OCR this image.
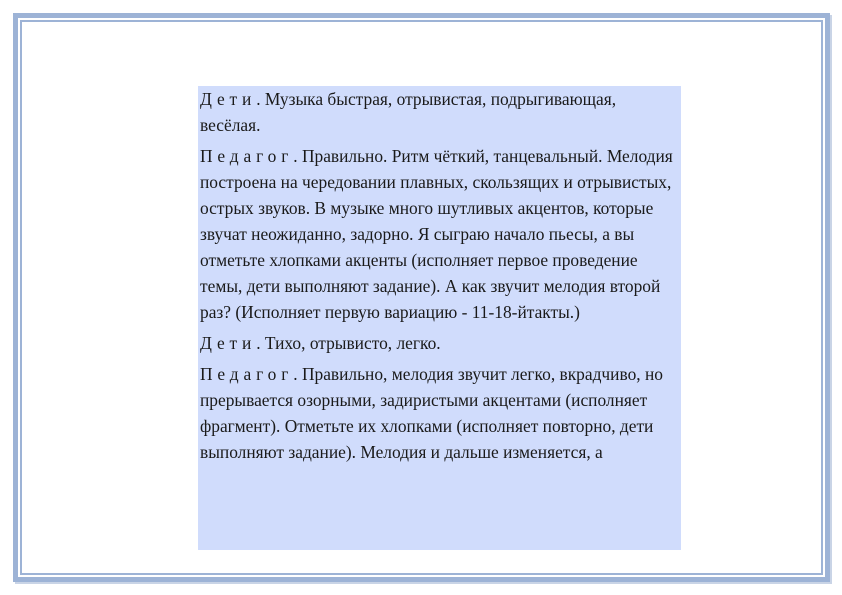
Дети. Музыка быстрая, отрывистая, подрыгивающая, весёлая.

Педагог. Правильно. Ритм чёткий, танцевальный. Мелодия построена на чередовании плавных, скользящих и отрывистых, острых звуков. В музыке много шутливых акцентов, которые звучат неожиданно, задорно. Я сыграю начало пьесы, а вы отметьте хлопками акценты (исполняет первое проведение темы, дети выполняют задание). А как звучит мелодия второй раз? (Исполняет первую вариацию - 11-18-йтакты.)

Дети. Тихо, отрывисто, легко.

Педагог. Правильно, мелодия звучит легко, вкрадчиво, но прерывается озорными, задиристыми акцентами (исполняет фрагмент). Отметьте их хлопками (исполняет повторно, дети выполняют задание). Мелодия и дальше изменяется, а
